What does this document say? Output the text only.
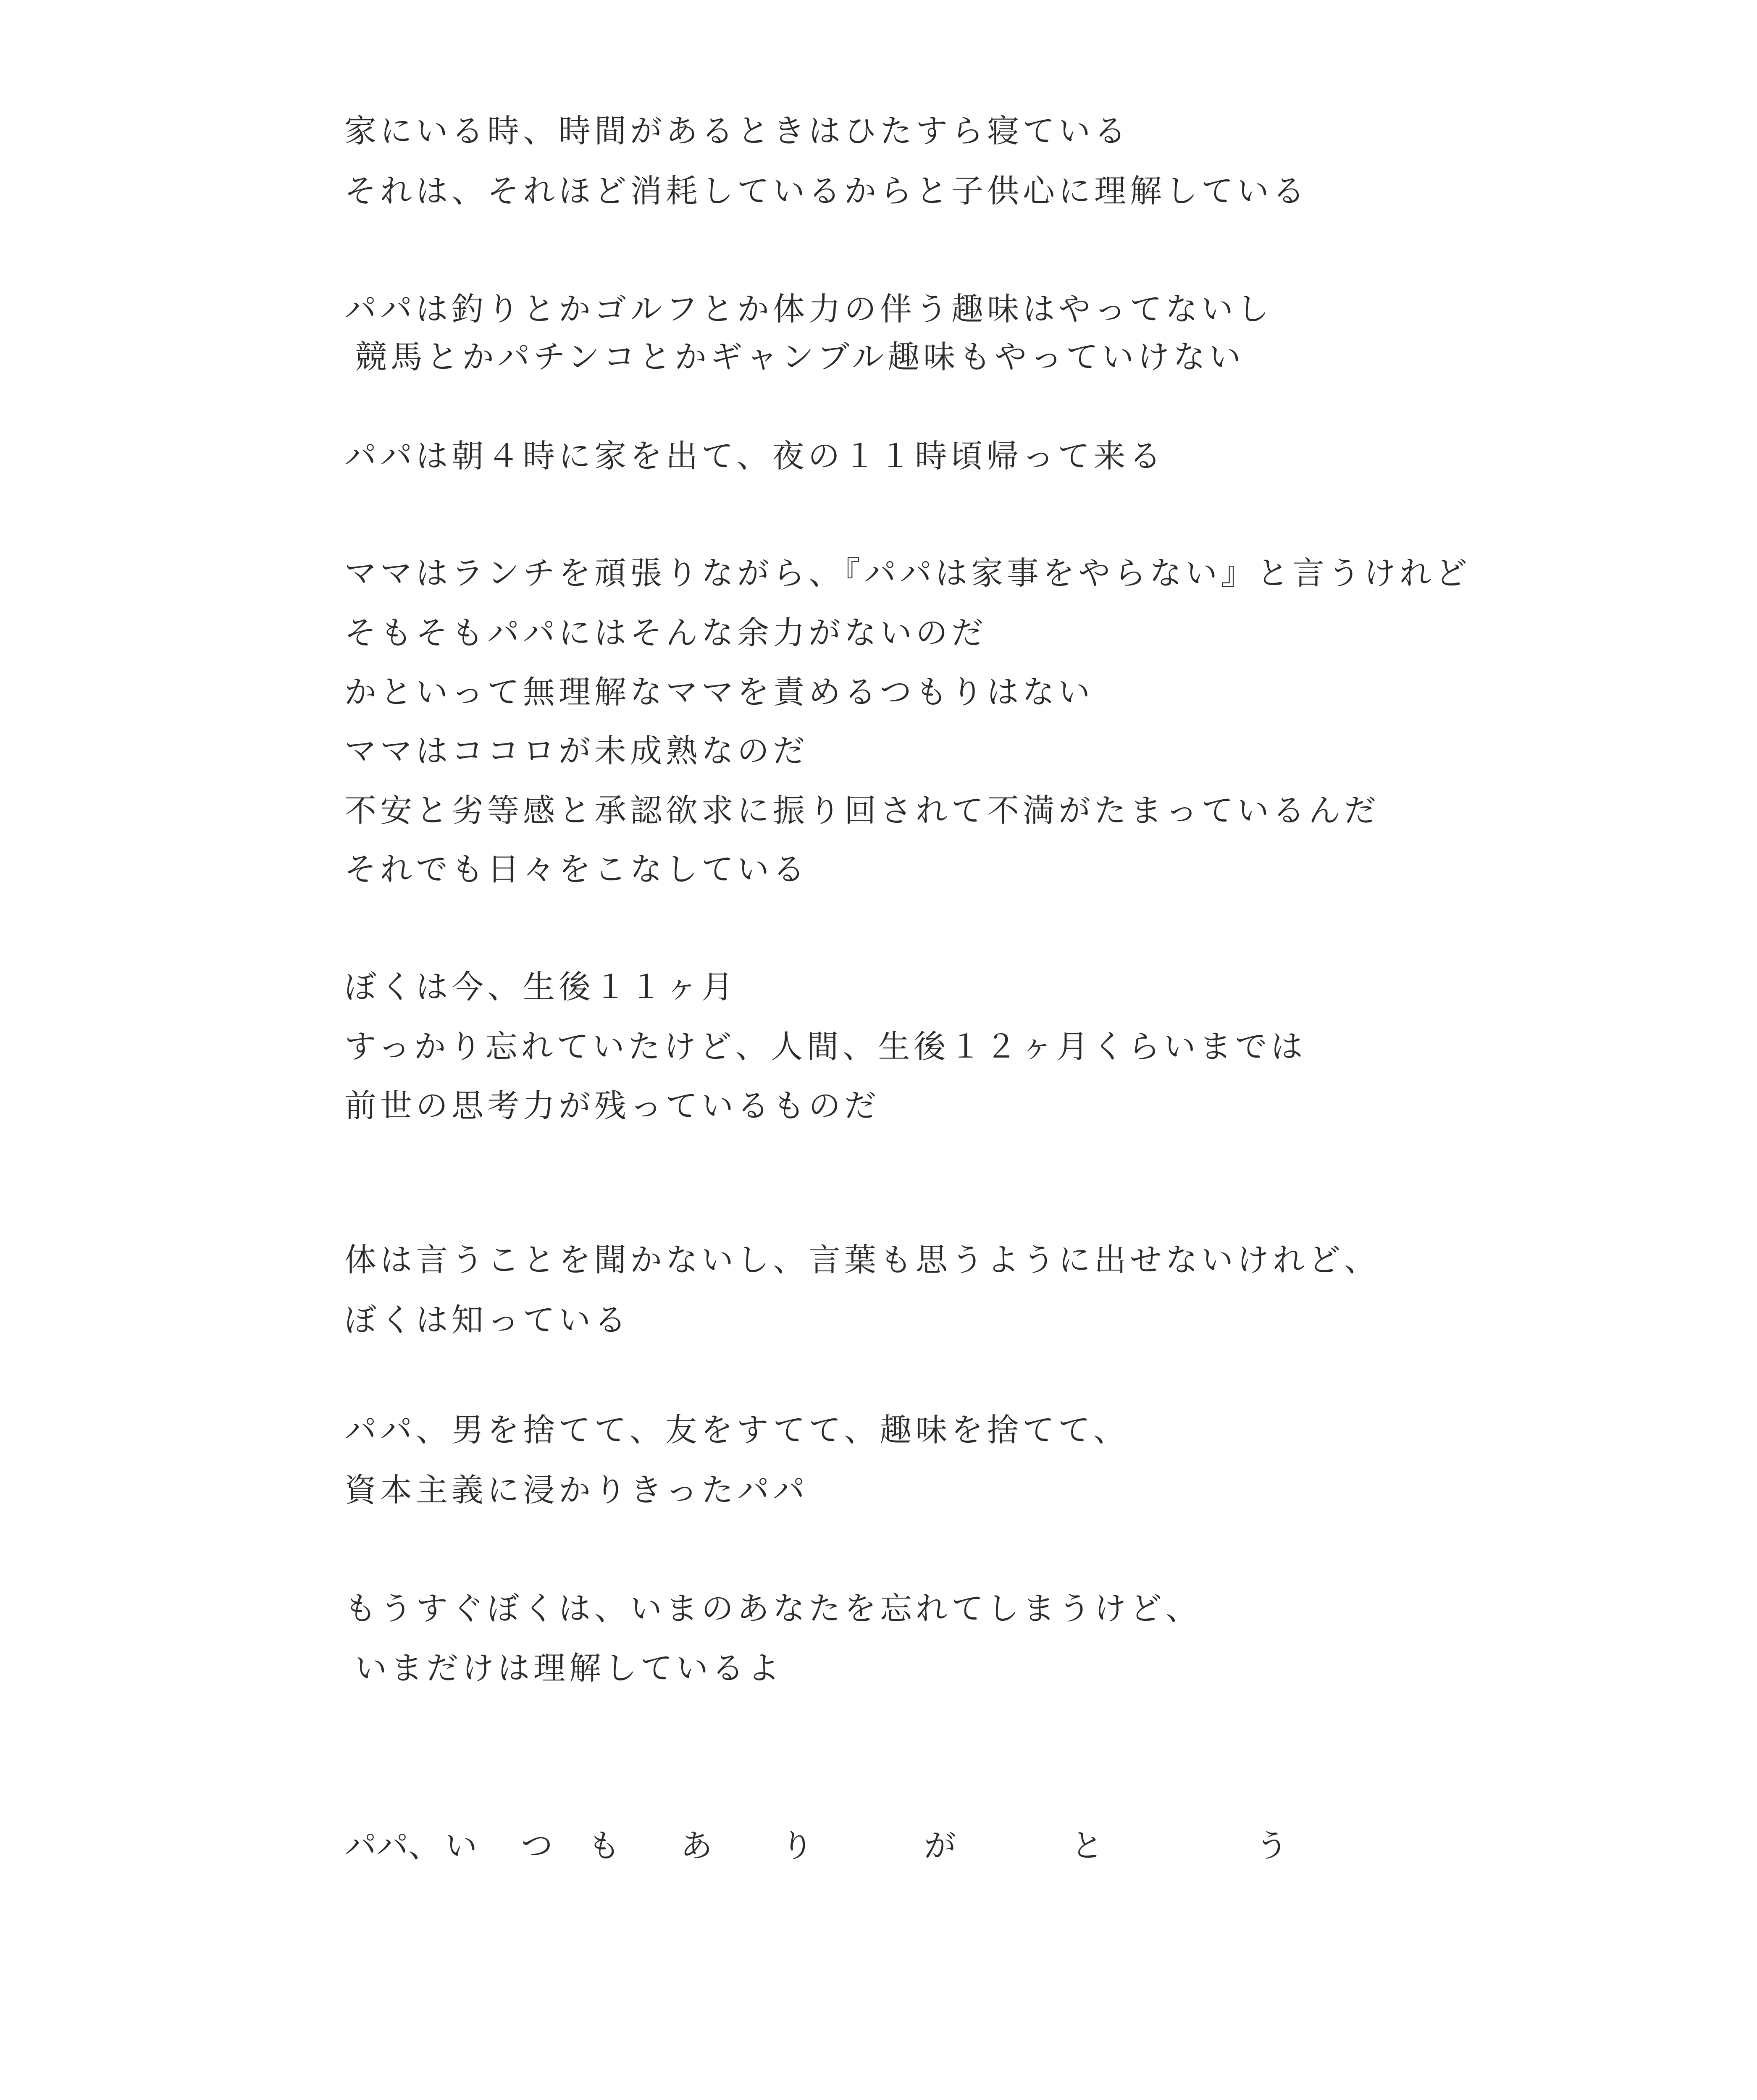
家にいる時、時間があるときはひたすら寝ている
それは、それほど消耗しているからと子供心に理解している
パパは釣りとかゴルフとか体力の伴う趣味はやってないし
競馬とかパチンコとかギャンブル趣味もやっていけない
パパは朝４時に家を出て、夜の１１時頃帰って来る
ママはランチを頑張りながら、『パパは家事をやらない』と言うけれど
そもそもパパにはそんな余力がないのだ
かといって無理解なママを責めるつもりはない
ママはココロが未成熟なのだ
不安と劣等感と承認欲求に振り回されて不満がたまっているんだ
それでも日々をこなしている
ぼくは今、生後１１ヶ月
すっかり忘れていたけど、人間、生後１２ヶ月くらいまでは
前世の思考力が残っているものだ
体は言うことを聞かないし、言葉も思うように出せないけれど、
ぼくは知っている
パパ、男を捨てて、友をすてて、趣味を捨てて、
資本主義に浸かりきったパパ
もうすぐぼくは、いまのあなたを忘れてしまうけど、
いまだけは理解しているよ

パパ、

い

つ

も

あ

り

	が

	と

	う
